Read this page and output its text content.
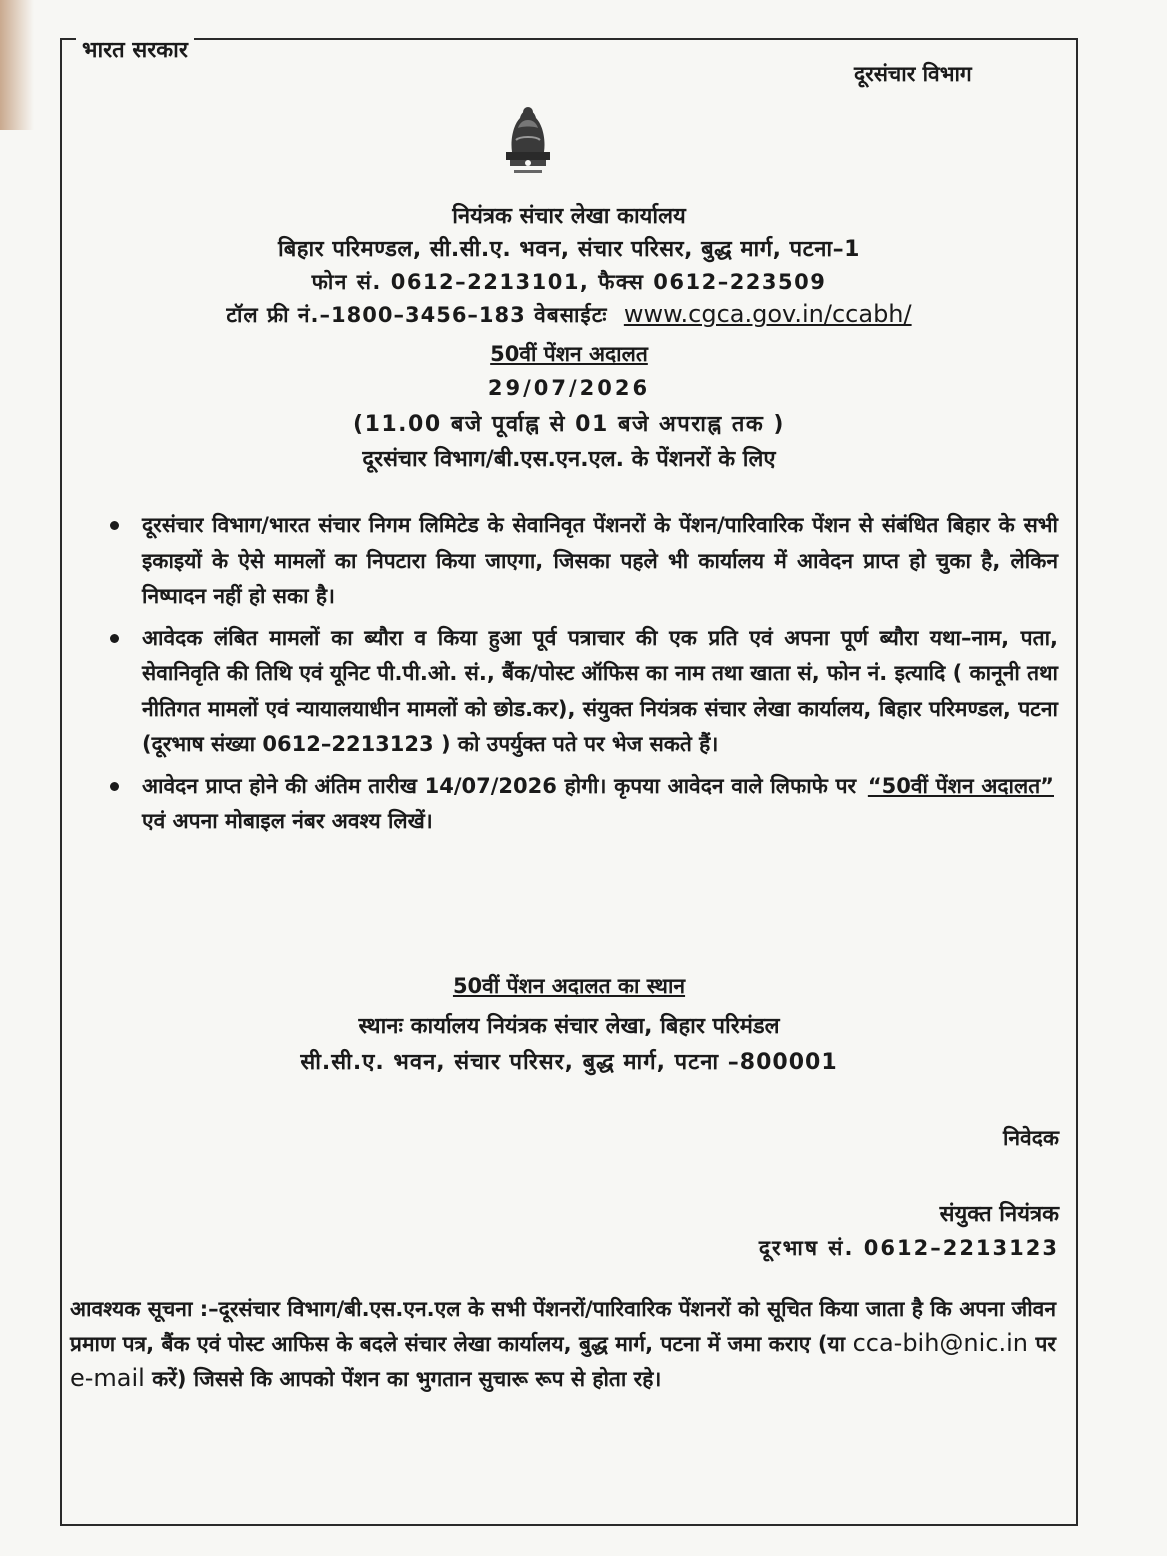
भारत सरकार
दूरसंचार विभाग
नियंत्रक संचार लेखा कार्यालय
बिहार परिमण्डल, सी.सी.ए. भवन, संचार परिसर, बुद्ध मार्ग, पटना–1
फोन सं. 0612–2213101, फैक्स 0612–223509
टॉल फ्री नं.–1800–3456–183 वेबसाईटः www.cgca.gov.in/ccabh/
50वीं पेंशन अदालत
29/07/2026
(11.00 बजे पूर्वाह्न से 01 बजे अपराह्न तक )
दूरसंचार विभाग/बी.एस.एन.एल. के पेंशनरों के लिए
दूरसंचार विभाग/भारत संचार निगम लिमिटेड के सेवानिवृत पेंशनरों के पेंशन/पारिवारिक पेंशन से संबंधित बिहार के सभी इकाइयों के ऐसे मामलों का निपटारा किया जाएगा, जिसका पहले भी कार्यालय में आवेदन प्राप्त हो चुका है, लेकिन निष्पादन नहीं हो सका है।
आवेदक लंबित मामलों का ब्यौरा व किया हुआ पूर्व पत्राचार की एक प्रति एवं अपना पूर्ण ब्यौरा यथा–नाम, पता, सेवानिवृति की तिथि एवं यूनिट पी.पी.ओ. सं., बैंक/पोस्ट ऑफिस का नाम तथा खाता सं, फोन नं. इत्यादि ( कानूनी तथा नीतिगत मामलों एवं न्यायालयाधीन मामलों को छोड.कर), संयुक्त नियंत्रक संचार लेखा कार्यालय, बिहार परिमण्डल, पटना (दूरभाष संख्या 0612–2213123 ) को उपर्युक्त पते पर भेज सकते हैं।
आवेदन प्राप्त होने की अंतिम तारीख 14/07/2026 होगी। कृपया आवेदन वाले लिफाफे पर “50वीं पेंशन अदालत” एवं अपना मोबाइल नंबर अवश्य लिखें।
50वीं पेंशन अदालत का स्थान
स्थानः कार्यालय नियंत्रक संचार लेखा, बिहार परिमंडल
सी.सी.ए. भवन, संचार परिसर, बुद्ध मार्ग, पटना –800001
निवेदक
संयुक्त नियंत्रक
दूरभाष सं. 0612–2213123
आवश्यक सूचना :–दूरसंचार विभाग/बी.एस.एन.एल के सभी पेंशनरों/पारिवारिक पेंशनरों को सूचित किया जाता है कि अपना जीवन प्रमाण पत्र, बैंक एवं पोस्ट आफिस के बदले संचार लेखा कार्यालय, बुद्ध मार्ग, पटना में जमा कराए (या cca-bih@nic.in पर e-mail करें) जिससे कि आपको पेंशन का भुगतान सुचारू रूप से होता रहे।
